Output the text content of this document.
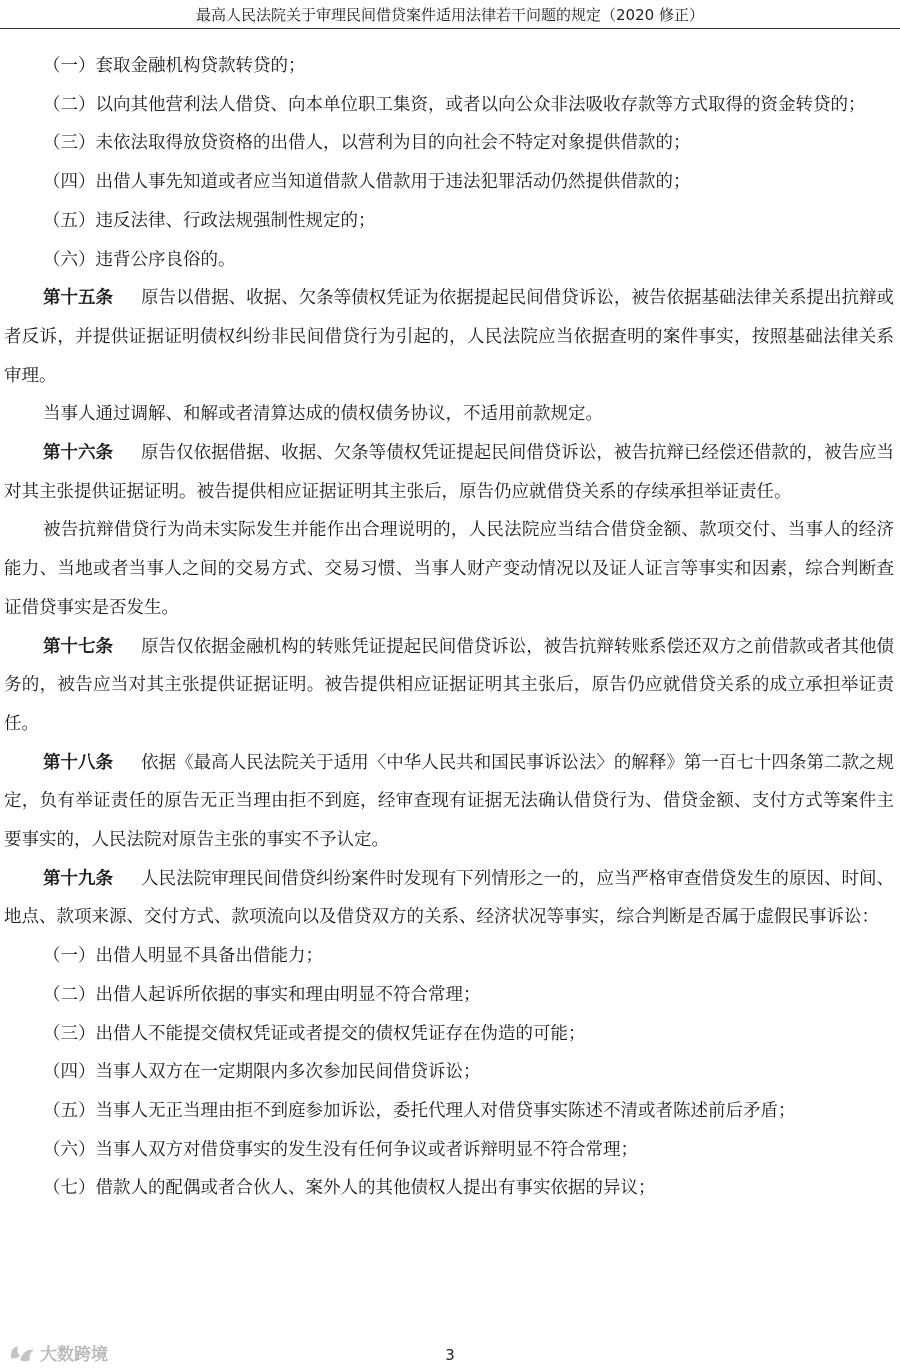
最高人民法院关于审理民间借贷案件适用法律若干问题的规定（2020 修正）

（一）套取金融机构贷款转贷的；

（二）以向其他营利法人借贷、向本单位职工集资，或者以向公众非法吸收存款等方式取得的资金转贷的；

（三）未依法取得放贷资格的出借人，以营利为目的向社会不特定对象提供借款的；

（四）出借人事先知道或者应当知道借款人借款用于违法犯罪活动仍然提供借款的；

（五）违反法律、行政法规强制性规定的；

（六）违背公序良俗的。

第十五条 原告以借据、收据、欠条等债权凭证为依据提起民间借贷诉讼，被告依据基础法律关系提出抗辩或者反诉，并提供证据证明债权纠纷非民间借贷行为引起的，人民法院应当依据查明的案件事实，按照基础法律关系审理。

当事人通过调解、和解或者清算达成的债权债务协议，不适用前款规定。

第十六条 原告仅依据借据、收据、欠条等债权凭证提起民间借贷诉讼，被告抗辩已经偿还借款的，被告应当对其主张提供证据证明。被告提供相应证据证明其主张后，原告仍应就借贷关系的存续承担举证责任。

被告抗辩借贷行为尚未实际发生并能作出合理说明的，人民法院应当结合借贷金额、款项交付、当事人的经济能力、当地或者当事人之间的交易方式、交易习惯、当事人财产变动情况以及证人证言等事实和因素，综合判断查证借贷事实是否发生。

第十七条 原告仅依据金融机构的转账凭证提起民间借贷诉讼，被告抗辩转账系偿还双方之前借款或者其他债务的，被告应当对其主张提供证据证明。被告提供相应证据证明其主张后，原告仍应就借贷关系的成立承担举证责任。

第十八条 依据《最高人民法院关于适用〈中华人民共和国民事诉讼法〉的解释》第一百七十四条第二款之规定，负有举证责任的原告无正当理由拒不到庭，经审查现有证据无法确认借贷行为、借贷金额、支付方式等案件主要事实的，人民法院对原告主张的事实不予认定。

第十九条 人民法院审理民间借贷纠纷案件时发现有下列情形之一的，应当严格审查借贷发生的原因、时间、地点、款项来源、交付方式、款项流向以及借贷双方的关系、经济状况等事实，综合判断是否属于虚假民事诉讼：

（一）出借人明显不具备出借能力；

（二）出借人起诉所依据的事实和理由明显不符合常理；

（三）出借人不能提交债权凭证或者提交的债权凭证存在伪造的可能；

（四）当事人双方在一定期限内多次参加民间借贷诉讼；

（五）当事人无正当理由拒不到庭参加诉讼，委托代理人对借贷事实陈述不清或者陈述前后矛盾；

（六）当事人双方对借贷事实的发生没有任何争议或者诉辩明显不符合常理；

（七）借款人的配偶或者合伙人、案外人的其他债权人提出有事实依据的异议；

3
大数跨境
